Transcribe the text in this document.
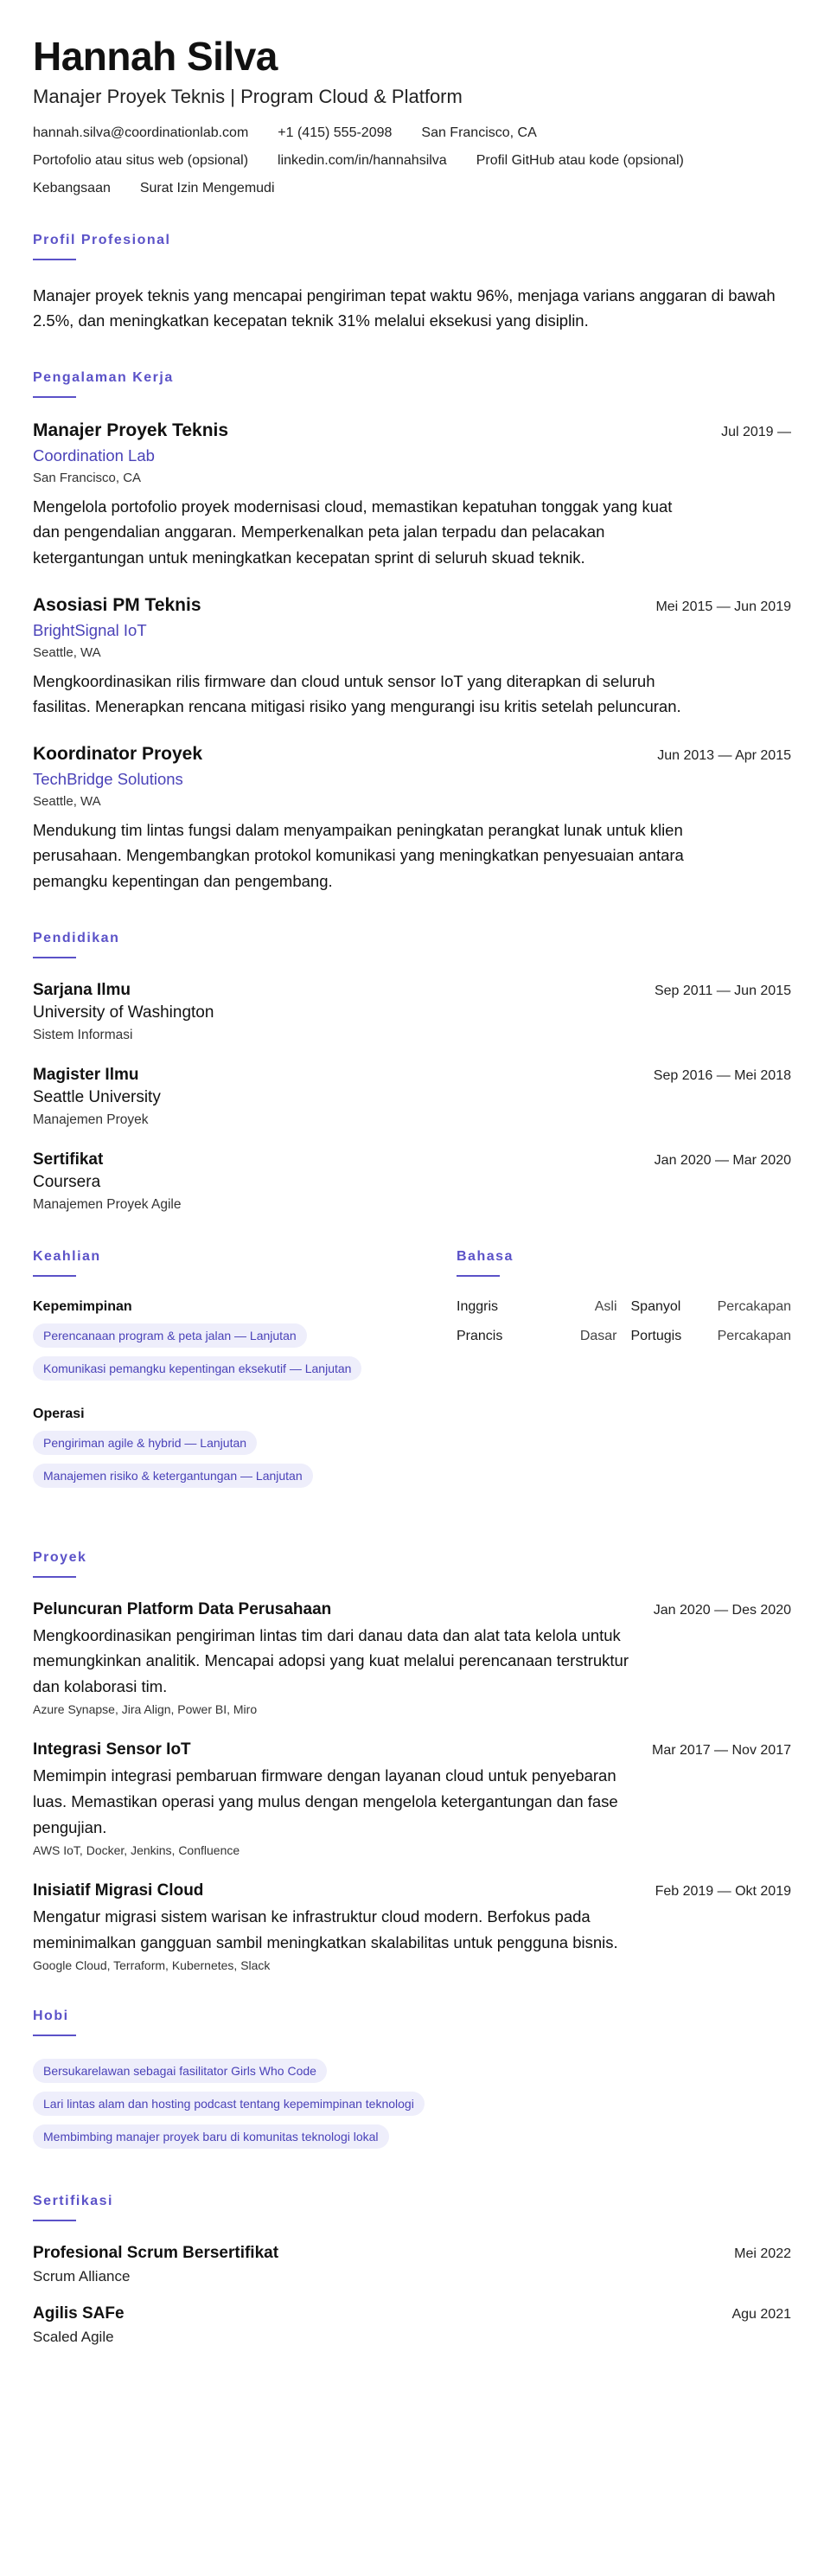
Hannah Silva
Manajer Proyek Teknis | Program Cloud & Platform
hannah.silva@coordinationlab.com +1 (415) 555-2098 San Francisco, CA
Portofolio atau situs web (opsional) linkedin.com/in/hannahsilva Profil GitHub atau kode (opsional)
Kebangsaan Surat Izin Mengemudi
Profil Profesional

Manajer proyek teknis yang mencapai pengiriman tepat waktu 96%, menjaga varians anggaran di bawah 2.5%, dan meningkatkan kecepatan teknik 31% melalui eksekusi yang disiplin.

Pengalaman Kerja
Manajer Proyek Teknis	Jul 2019 —
Coordination Lab
San Francisco, CA

Mengelola portofolio proyek modernisasi cloud, memastikan kepatuhan tonggak yang kuat dan pengendalian anggaran. Memperkenalkan peta jalan terpadu dan pelacakan ketergantungan untuk meningkatkan kecepatan sprint di seluruh skuad teknik.

Asosiasi PM Teknis	Mei 2015 — Jun 2019
BrightSignal IoT
Seattle, WA

Mengkoordinasikan rilis firmware dan cloud untuk sensor IoT yang diterapkan di seluruh fasilitas. Menerapkan rencana mitigasi risiko yang mengurangi isu kritis setelah peluncuran.

Koordinator Proyek	Jun 2013 — Apr 2015
TechBridge Solutions
Seattle, WA

Mendukung tim lintas fungsi dalam menyampaikan peningkatan perangkat lunak untuk klien perusahaan. Mengembangkan protokol komunikasi yang meningkatkan penyesuaian antara pemangku kepentingan dan pengembang.

Pendidikan
Sarjana Ilmu	Sep 2011 — Jun 2015
University of Washington
Sistem Informasi
Magister Ilmu	Sep 2016 — Mei 2018
Seattle University
Manajemen Proyek
Sertifikat	Jan 2020 — Mar 2020
Coursera
Manajemen Proyek Agile
Keahlian
Kepemimpinan
Perencanaan program & peta jalan — Lanjutan
Komunikasi pemangku kepentingan eksekutif — Lanjutan
Operasi
Pengiriman agile & hybrid — Lanjutan
Manajemen risiko & ketergantungan — Lanjutan
Bahasa
Inggris	Asli Spanyol	Percakapan
Prancis	Dasar Portugis	Percakapan
Proyek
Peluncuran Platform Data Perusahaan	Jan 2020 — Des 2020

Mengkoordinasikan pengiriman lintas tim dari danau data dan alat tata kelola untuk memungkinkan analitik. Mencapai adopsi yang kuat melalui perencanaan terstruktur dan kolaborasi tim.

Azure Synapse, Jira Align, Power BI, Miro
Integrasi Sensor IoT	Mar 2017 — Nov 2017

Memimpin integrasi pembaruan firmware dengan layanan cloud untuk penyebaran luas. Memastikan operasi yang mulus dengan mengelola ketergantungan dan fase pengujian.

AWS IoT, Docker, Jenkins, Confluence
Inisiatif Migrasi Cloud	Feb 2019 — Okt 2019

Mengatur migrasi sistem warisan ke infrastruktur cloud modern. Berfokus pada meminimalkan gangguan sambil meningkatkan skalabilitas untuk pengguna bisnis.

Google Cloud, Terraform, Kubernetes, Slack
Hobi
Bersukarelawan sebagai fasilitator Girls Who Code
Lari lintas alam dan hosting podcast tentang kepemimpinan teknologi
Membimbing manajer proyek baru di komunitas teknologi lokal
Sertifikasi
Profesional Scrum Bersertifikat	Mei 2022
Scrum Alliance
Agilis SAFe	Agu 2021
Scaled Agile
